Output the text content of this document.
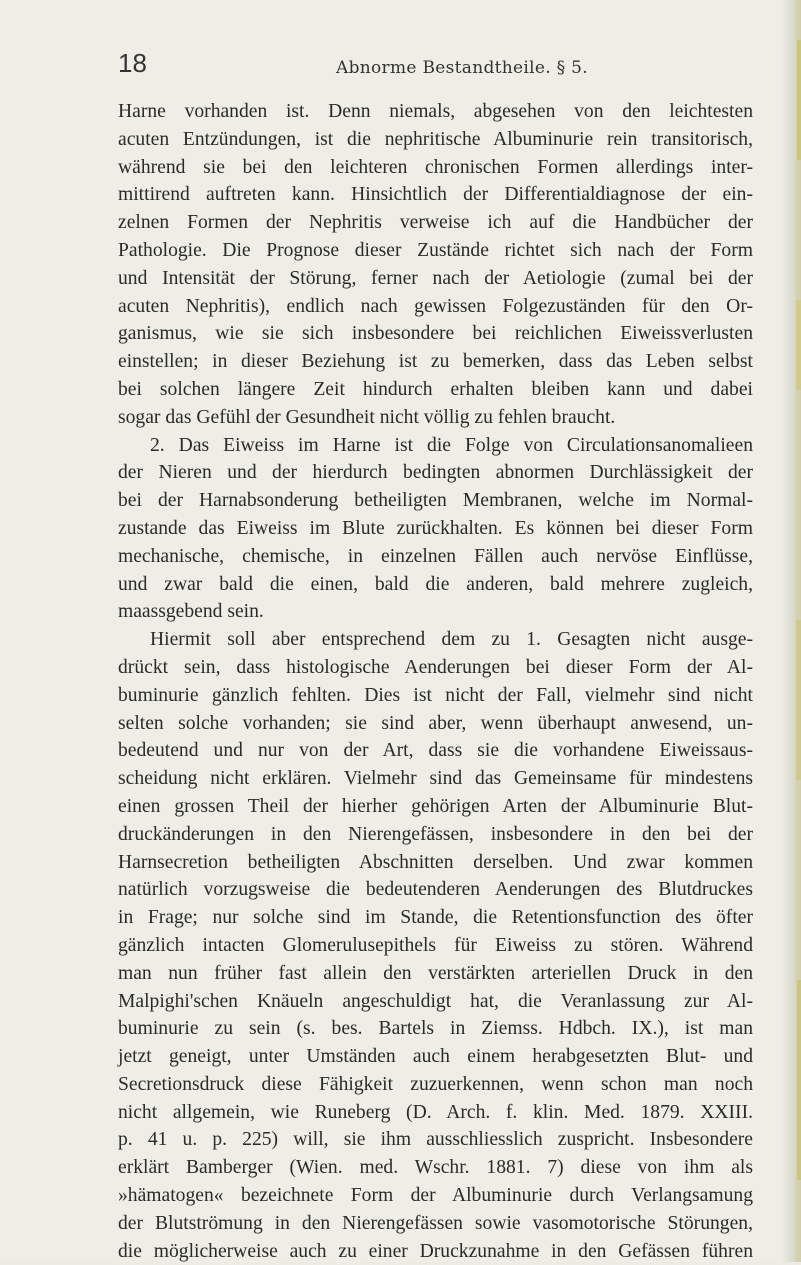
18	Abnorme Bestandtheile. § 5.
Harne vorhanden ist. Denn niemals, abgesehen von den leichtesten
acuten Entzündungen, ist die nephritische Albuminurie rein transitorisch,
während sie bei den leichteren chronischen Formen allerdings inter-
mittirend auftreten kann. Hinsichtlich der Differentialdiagnose der ein-
zelnen Formen der Nephritis verweise ich auf die Handbücher der
Pathologie. Die Prognose dieser Zustände richtet sich nach der Form
und Intensität der Störung, ferner nach der Aetiologie (zumal bei der
acuten Nephritis), endlich nach gewissen Folgezuständen für den Or-
ganismus, wie sie sich insbesondere bei reichlichen Eiweissverlusten
einstellen; in dieser Beziehung ist zu bemerken, dass das Leben selbst
bei solchen längere Zeit hindurch erhalten bleiben kann und dabei
sogar das Gefühl der Gesundheit nicht völlig zu fehlen braucht.
2. Das Eiweiss im Harne ist die Folge von Circulationsanomalieen
der Nieren und der hierdurch bedingten abnormen Durchlässigkeit der
bei der Harnabsonderung betheiligten Membranen, welche im Normal-
zustande das Eiweiss im Blute zurückhalten. Es können bei dieser Form
mechanische, chemische, in einzelnen Fällen auch nervöse Einflüsse,
und zwar bald die einen, bald die anderen, bald mehrere zugleich,
maassgebend sein.
Hiermit soll aber entsprechend dem zu 1. Gesagten nicht ausge-
drückt sein, dass histologische Aenderungen bei dieser Form der Al-
buminurie gänzlich fehlten. Dies ist nicht der Fall, vielmehr sind nicht
selten solche vorhanden; sie sind aber, wenn überhaupt anwesend, un-
bedeutend und nur von der Art, dass sie die vorhandene Eiweissaus-
scheidung nicht erklären. Vielmehr sind das Gemeinsame für mindestens
einen grossen Theil der hierher gehörigen Arten der Albuminurie Blut-
druckänderungen in den Nierengefässen, insbesondere in den bei der
Harnsecretion betheiligten Abschnitten derselben. Und zwar kommen
natürlich vorzugsweise die bedeutenderen Aenderungen des Blutdruckes
in Frage; nur solche sind im Stande, die Retentionsfunction des öfter
gänzlich intacten Glomerulusepithels für Eiweiss zu stören. Während
man nun früher fast allein den verstärkten arteriellen Druck in den
Malpighi'schen Knäueln angeschuldigt hat, die Veranlassung zur Al-
buminurie zu sein (s. bes. Bartels in Ziemss. Hdbch. IX.), ist man
jetzt geneigt, unter Umständen auch einem herabgesetzten Blut- und
Secretionsdruck diese Fähigkeit zuzuerkennen, wenn schon man noch
nicht allgemein, wie Runeberg (D. Arch. f. klin. Med. 1879. XXIII.
p. 41 u. p. 225) will, sie ihm ausschliesslich zuspricht. Insbesondere
erklärt Bamberger (Wien. med. Wschr. 1881. 7) diese von ihm als
»hämatogen« bezeichnete Form der Albuminurie durch Verlangsamung
der Blutströmung in den Nierengefässen sowie vasomotorische Störungen,
die möglicherweise auch zu einer Druckzunahme in den Gefässen führen
